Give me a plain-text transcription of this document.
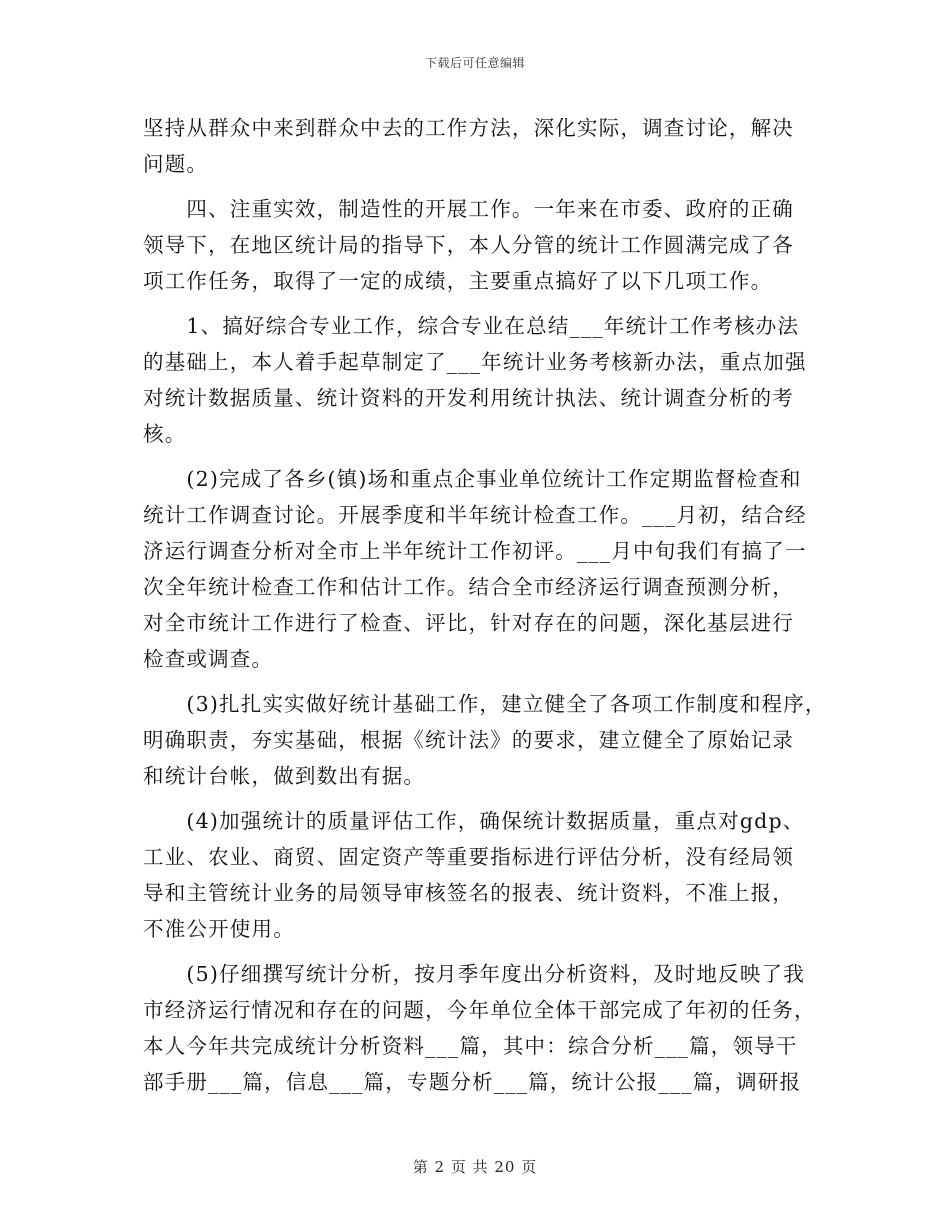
下载后可任意编辑
坚持从群众中来到群众中去的工作方法，深化实际，调查讨论，解决
问题。
　　四、注重实效，制造性的开展工作。一年来在市委、政府的正确
领导下，在地区统计局的指导下，本人分管的统计工作圆满完成了各
项工作任务，取得了一定的成绩，主要重点搞好了以下几项工作。
　　1、搞好综合专业工作，综合专业在总结___年统计工作考核办法
的基础上，本人着手起草制定了___年统计业务考核新办法，重点加强
对统计数据质量、统计资料的开发利用统计执法、统计调查分析的考
核。
　　(2)完成了各乡(镇)场和重点企事业单位统计工作定期监督检查和
统计工作调查讨论。开展季度和半年统计检查工作。___月初，结合经
济运行调查分析对全市上半年统计工作初评。___月中旬我们有搞了一
次全年统计检查工作和估计工作。结合全市经济运行调查预测分析，
对全市统计工作进行了检查、评比，针对存在的问题，深化基层进行
检查或调查。
　　(3)扎扎实实做好统计基础工作，建立健全了各项工作制度和程序，
明确职责，夯实基础，根据《统计法》的要求，建立健全了原始记录
和统计台帐，做到数出有据。
　　(4)加强统计的质量评估工作，确保统计数据质量，重点对gdp、
工业、农业、商贸、固定资产等重要指标进行评估分析，没有经局领
导和主管统计业务的局领导审核签名的报表、统计资料，不准上报，
不准公开使用。
　　(5)仔细撰写统计分析，按月季年度出分析资料，及时地反映了我
市经济运行情况和存在的问题，今年单位全体干部完成了年初的任务，
本人今年共完成统计分析资料___篇，其中：综合分析___篇，领导干
部手册___篇，信息___篇，专题分析___篇，统计公报___篇，调研报
第 2 页 共 20 页
